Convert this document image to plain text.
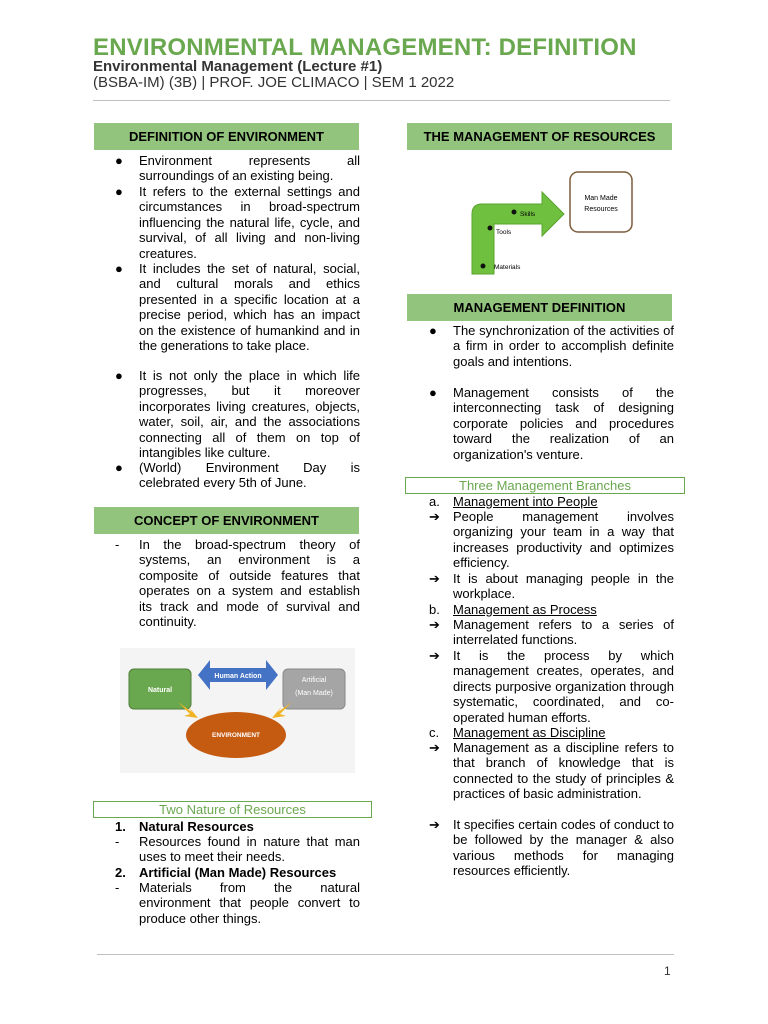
ENVIRONMENTAL MANAGEMENT: DEFINITION
Environmental Management (Lecture #1)
(BSBA-IM) (3B) | PROF. JOE CLIMACO | SEM 1 2022
DEFINITION OF ENVIRONMENT
● Environment represents all surroundings of an existing being.
● It refers to the external settings and circumstances in broad-spectrum influencing the natural life, cycle, and survival, of all living and non-living creatures.
● It includes the set of natural, social, and cultural morals and ethics presented in a specific location at a precise period, which has an impact on the existence of humankind and in the generations to take place.
● It is not only the place in which life progresses, but it moreover incorporates living creatures, objects, water, soil, air, and the associations connecting all of them on top of intangibles like culture.
● (World) Environment Day is celebrated every 5th of June.
CONCEPT OF ENVIRONMENT
- In the broad-spectrum theory of systems, an environment is a composite of outside features that operates on a system and establish its track and mode of survival and continuity.
Natural
Human Action
Artificial
(Man Made)
ENVIRONMENT
Two Nature of Resources
1. Natural Resources
- Resources found in nature that man uses to meet their needs.
2. Artificial (Man Made) Resources
- Materials from the natural environment that people convert to produce other things.
THE MANAGEMENT OF RESOURCES
Materials
Tools
Skills
Man Made
Resources
MANAGEMENT DEFINITION
● The synchronization of the activities of a firm in order to accomplish definite goals and intentions.
● Management consists of the interconnecting task of designing corporate policies and procedures toward the realization of an organization's venture.
Three Management Branches
a. Management into People
➔ People management involves organizing your team in a way that increases productivity and optimizes efficiency.
➔ It is about managing people in the workplace.
b. Management as Process
➔ Management refers to a series of interrelated functions.
➔ It is the process by which management creates, operates, and directs purposive organization through systematic, coordinated, and co-operated human efforts.
c. Management as Discipline
➔ Management as a discipline refers to that branch of knowledge that is connected to the study of principles & practices of basic administration.
➔ It specifies certain codes of conduct to be followed by the manager & also various methods for managing resources efficiently.
1
